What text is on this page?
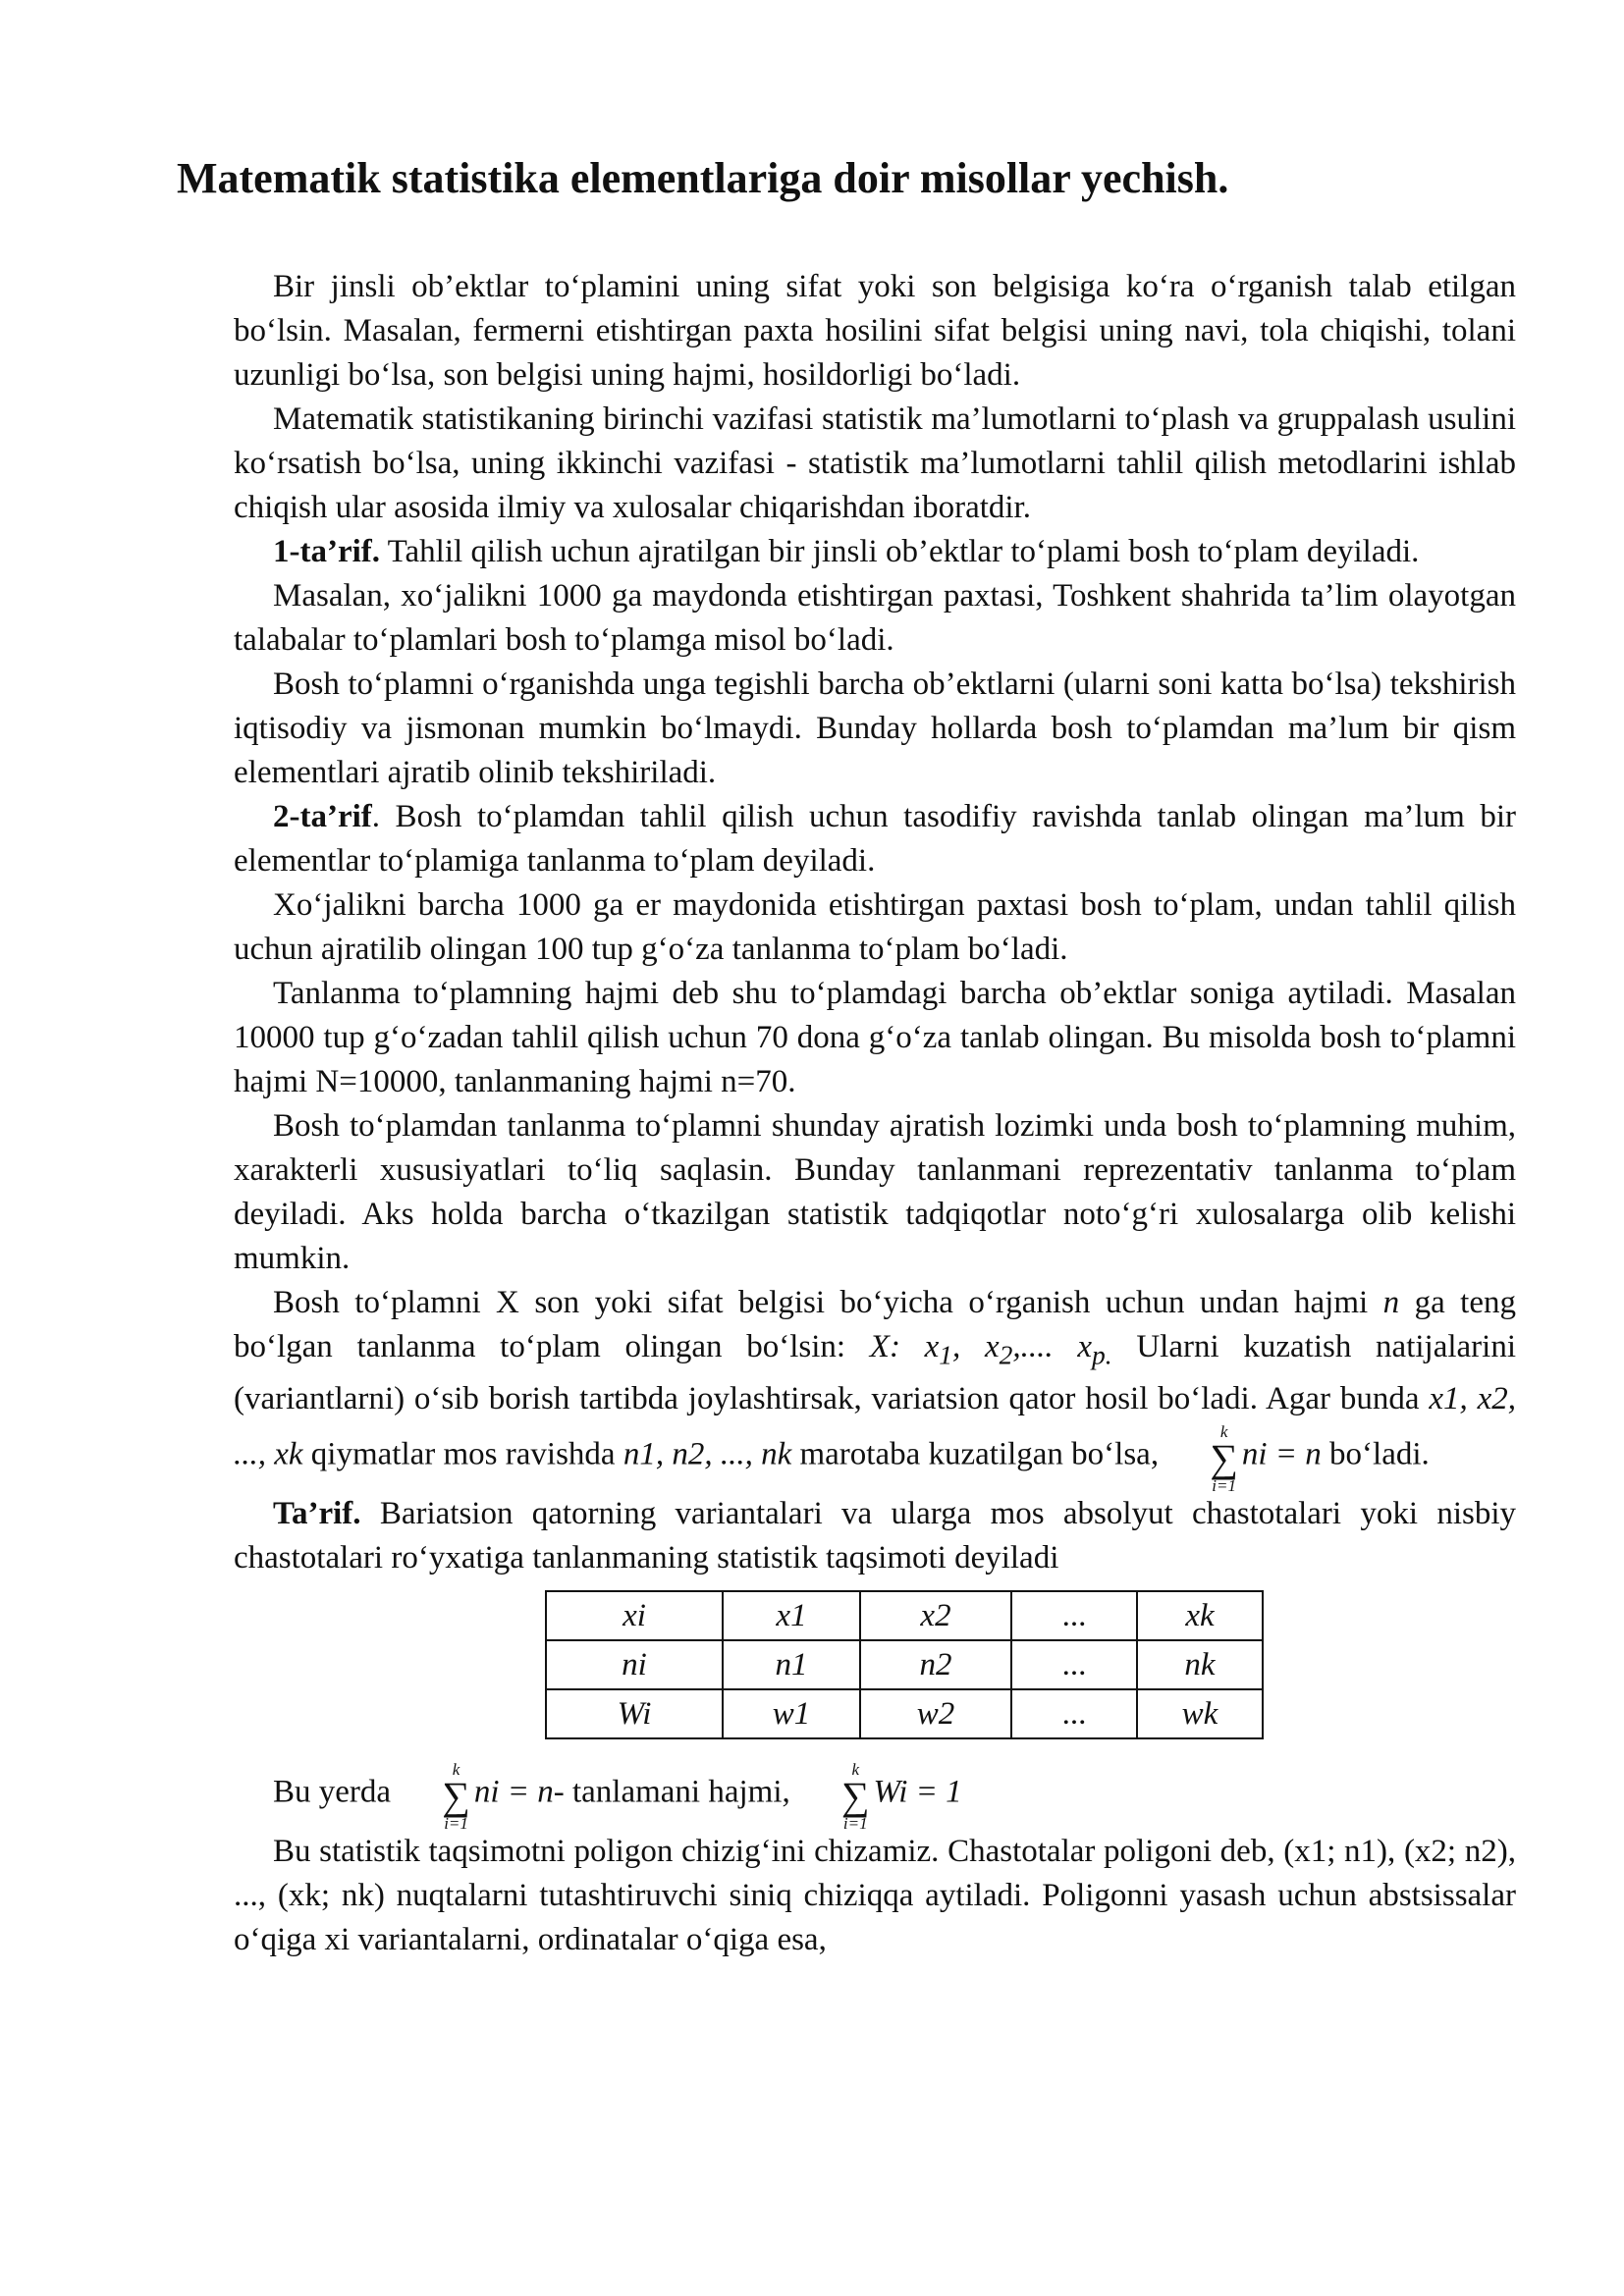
Matematik statistika elementlariga doir misollar yechish.

Bir jinsli ob’ektlar to‘plamini uning sifat yoki son belgisiga ko‘ra o‘rganish talab etilgan bo‘lsin. Masalan, fermerni etishtirgan paxta hosilini sifat belgisi uning navi, tola chiqishi, tolani uzunligi bo‘lsa, son belgisi uning hajmi, hosildorligi bo‘ladi.

Matematik statistikaning birinchi vazifasi statistik ma’lumotlarni to‘plash va gruppalash usulini ko‘rsatish bo‘lsa, uning ikkinchi vazifasi - statistik ma’lumotlarni tahlil qilish metodlarini ishlab chiqish ular asosida ilmiy va xulosalar chiqarishdan iboratdir.

1-ta’rif. Tahlil qilish uchun ajratilgan bir jinsli ob’ektlar to‘plami bosh to‘plam deyiladi.

Masalan, xo‘jalikni 1000 ga maydonda etishtirgan paxtasi, Toshkent shahrida ta’lim olayotgan talabalar to‘plamlari bosh to‘plamga misol bo‘ladi.

Bosh to‘plamni o‘rganishda unga tegishli barcha ob’ektlarni (ularni soni katta bo‘lsa) tekshirish iqtisodiy va jismonan mumkin bo‘lmaydi. Bunday hollarda bosh to‘plamdan ma’lum bir qism elementlari ajratib olinib tekshiriladi.

2-ta’rif. Bosh to‘plamdan tahlil qilish uchun tasodifiy ravishda tanlab olingan ma’lum bir elementlar to‘plamiga tanlanma to‘plam deyiladi.

Xo‘jalikni barcha 1000 ga er maydonida etishtirgan paxtasi bosh to‘plam, undan tahlil qilish uchun ajratilib olingan 100 tup g‘o‘za tanlanma to‘plam bo‘ladi.

Tanlanma to‘plamning hajmi deb shu to‘plamdagi barcha ob’ektlar soniga aytiladi. Masalan 10000 tup g‘o‘zadan tahlil qilish uchun 70 dona g‘o‘za tanlab olingan. Bu misolda bosh to‘plamni hajmi N=10000, tanlanmaning hajmi n=70.

Bosh to‘plamdan tanlanma to‘plamni shunday ajratish lozimki unda bosh to‘plamning muhim, xarakterli xususiyatlari to‘liq saqlasin. Bunday tanlanmani reprezentativ tanlanma to‘plam deyiladi. Aks holda barcha o‘tkazilgan statistik tadqiqotlar noto‘g‘ri xulosalarga olib kelishi mumkin.

Bosh to‘plamni X son yoki sifat belgisi bo‘yicha o‘rganish uchun undan hajmi n ga teng bo‘lgan tanlanma to‘plam olingan bo‘lsin: X: $x_1$, $x_2$,.... $x_{p.}$ Ularni kuzatish natijalarini (variantlarni) o‘sib borish tartibda joylashtirsak, variatsion qator hosil bo‘ladi. Agar bunda x1, x2, ..., xk qiymatlar mos ravishda n1, n2, ..., nk marotaba kuzatilgan bo‘lsa,
k
∑
i=1
ni = n bo‘ladi.

Ta’rif. Bariatsion qatorning variantalari va ularga mos absolyut chastotalari yoki nisbiy chastotalari ro‘yxatiga tanlanmaning statistik taqsimoti deyiladi

xi	x1	x2	...	xk
ni	n1	n2	...	nk
Wi	w1	w2	...	wk

Bu yerda
k
∑
i=1
ni = n- tanlamani hajmi,
k
∑
i=1
Wi = 1

Bu statistik taqsimotni poligon chizig‘ini chizamiz. Chastotalar poligoni deb, (x1; n1), (x2; n2), ..., (xk; nk) nuqtalarni tutashtiruvchi siniq chiziqqa aytiladi. Poligonni yasash uchun abstsissalar o‘qiga xi variantalarni, ordinatalar o‘qiga esa,
